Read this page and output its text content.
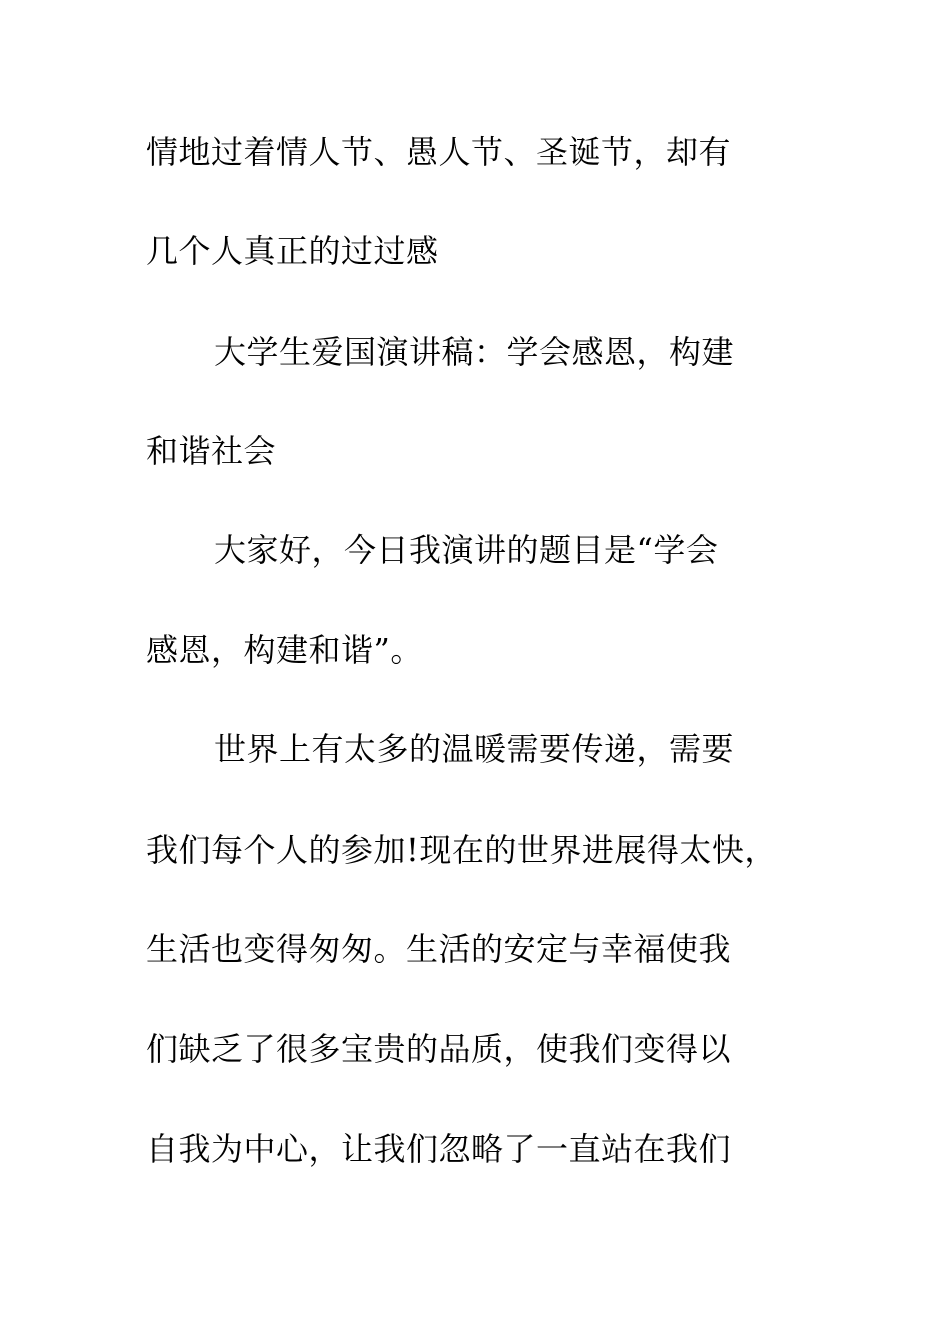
情地过着情人节、愚人节、圣诞节，却有
几个人真正的过过感
大学生爱国演讲稿：学会感恩，构建
和谐社会
大家好，今日我演讲的题目是“学会
感恩，构建和谐”。
世界上有太多的温暖需要传递，需要
我们每个人的参加!现在的世界进展得太快，
生活也变得匆匆。生活的安定与幸福使我
们缺乏了很多宝贵的品质，使我们变得以
自我为中心，让我们忽略了一直站在我们
